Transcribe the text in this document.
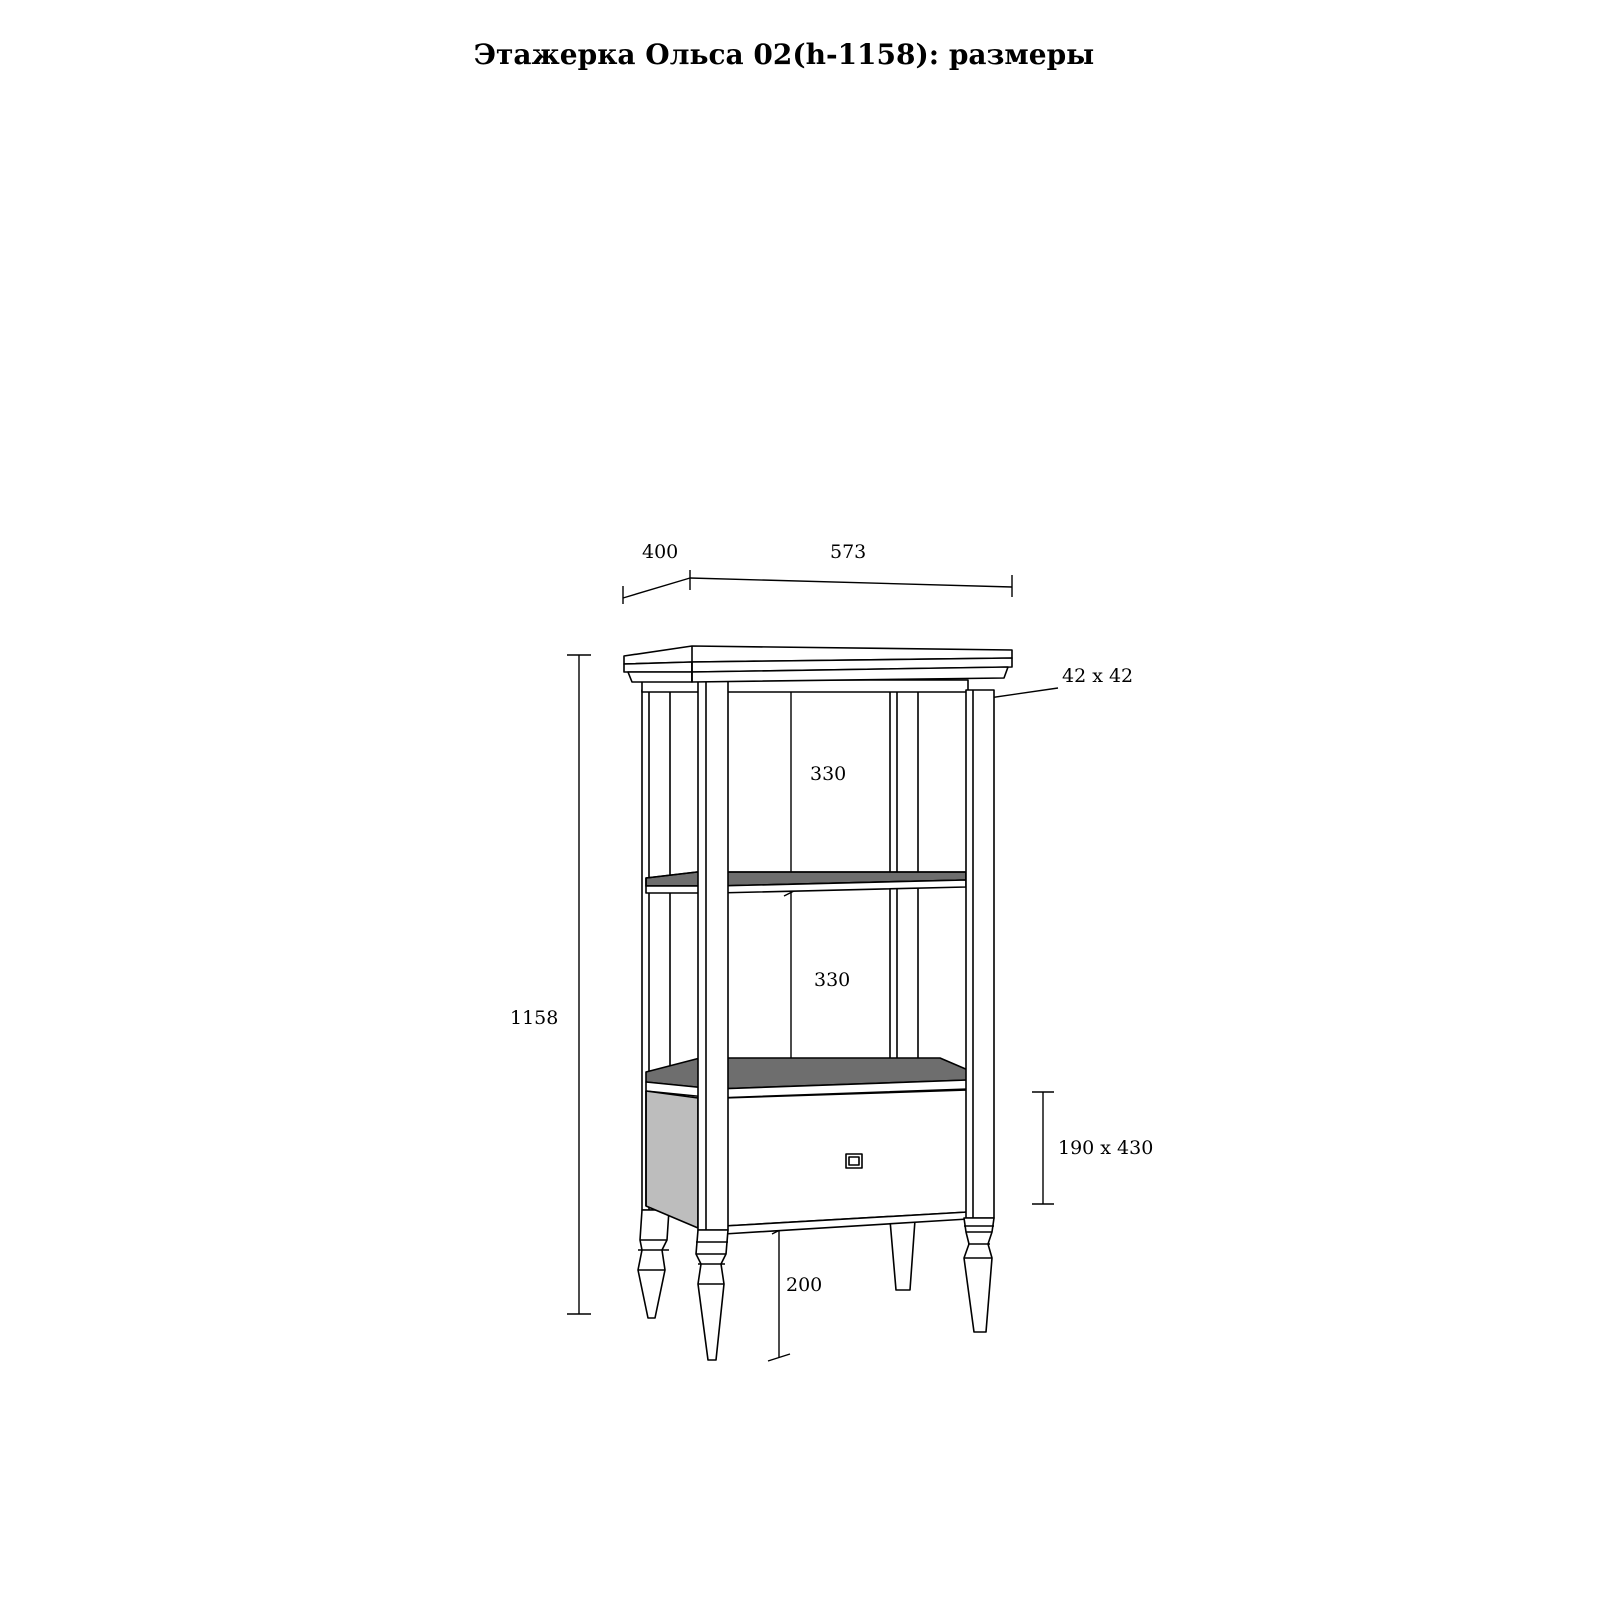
Этажерка Ольса 02(h-1158): размеры
400	573
42 x 42
330
1158
330
190 x 430
200
